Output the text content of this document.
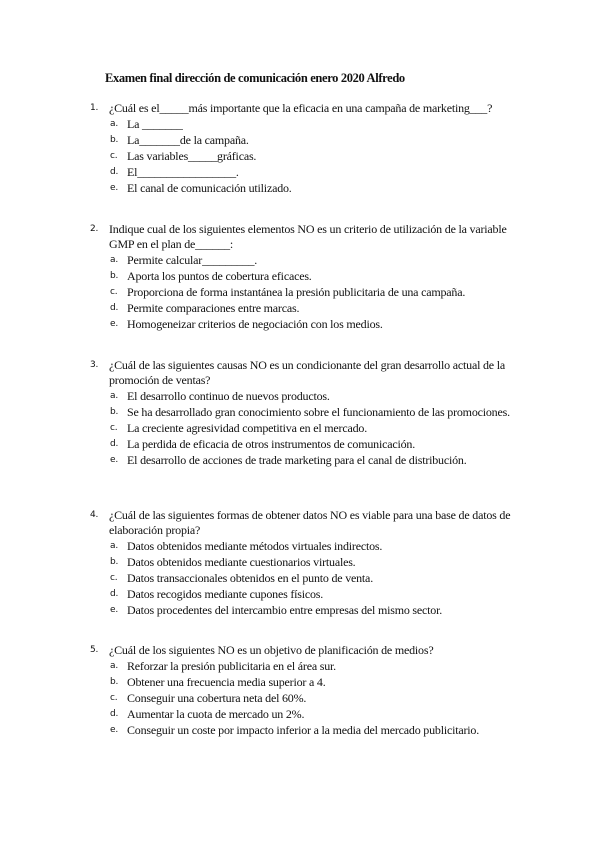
Examen final dirección de comunicación enero 2020 Alfredo
1. ¿Cuál es el_____más importante que la eficacia en una campaña de marketing___?
a. La _______
b. La_______de la campaña.
c. Las variables_____gráficas.
d. El_________________.
e. El canal de comunicación utilizado.
2. Indique cual de los siguientes elementos NO es un criterio de utilización de la variable GMP en el plan de______:
a. Permite calcular_________.
b. Aporta los puntos de cobertura eficaces.
c. Proporciona de forma instantánea la presión publicitaria de una campaña.
d. Permite comparaciones entre marcas.
e. Homogeneizar criterios de negociación con los medios.
3. ¿Cuál de las siguientes causas NO es un condicionante del gran desarrollo actual de la promoción de ventas?
a. El desarrollo continuo de nuevos productos.
b. Se ha desarrollado gran conocimiento sobre el funcionamiento de las promociones.
c. La creciente agresividad competitiva en el mercado.
d. La perdida de eficacia de otros instrumentos de comunicación.
e. El desarrollo de acciones de trade marketing para el canal de distribución.
4. ¿Cuál de las siguientes formas de obtener datos NO es viable para una base de datos de elaboración propia?
a. Datos obtenidos mediante métodos virtuales indirectos.
b. Datos obtenidos mediante cuestionarios virtuales.
c. Datos transaccionales obtenidos en el punto de venta.
d. Datos recogidos mediante cupones físicos.
e. Datos procedentes del intercambio entre empresas del mismo sector.
5. ¿Cuál de los siguientes NO es un objetivo de planificación de medios?
a. Reforzar la presión publicitaria en el área sur.
b. Obtener una frecuencia media superior a 4.
c. Conseguir una cobertura neta del 60%.
d. Aumentar la cuota de mercado un 2%.
e. Conseguir un coste por impacto inferior a la media del mercado publicitario.
